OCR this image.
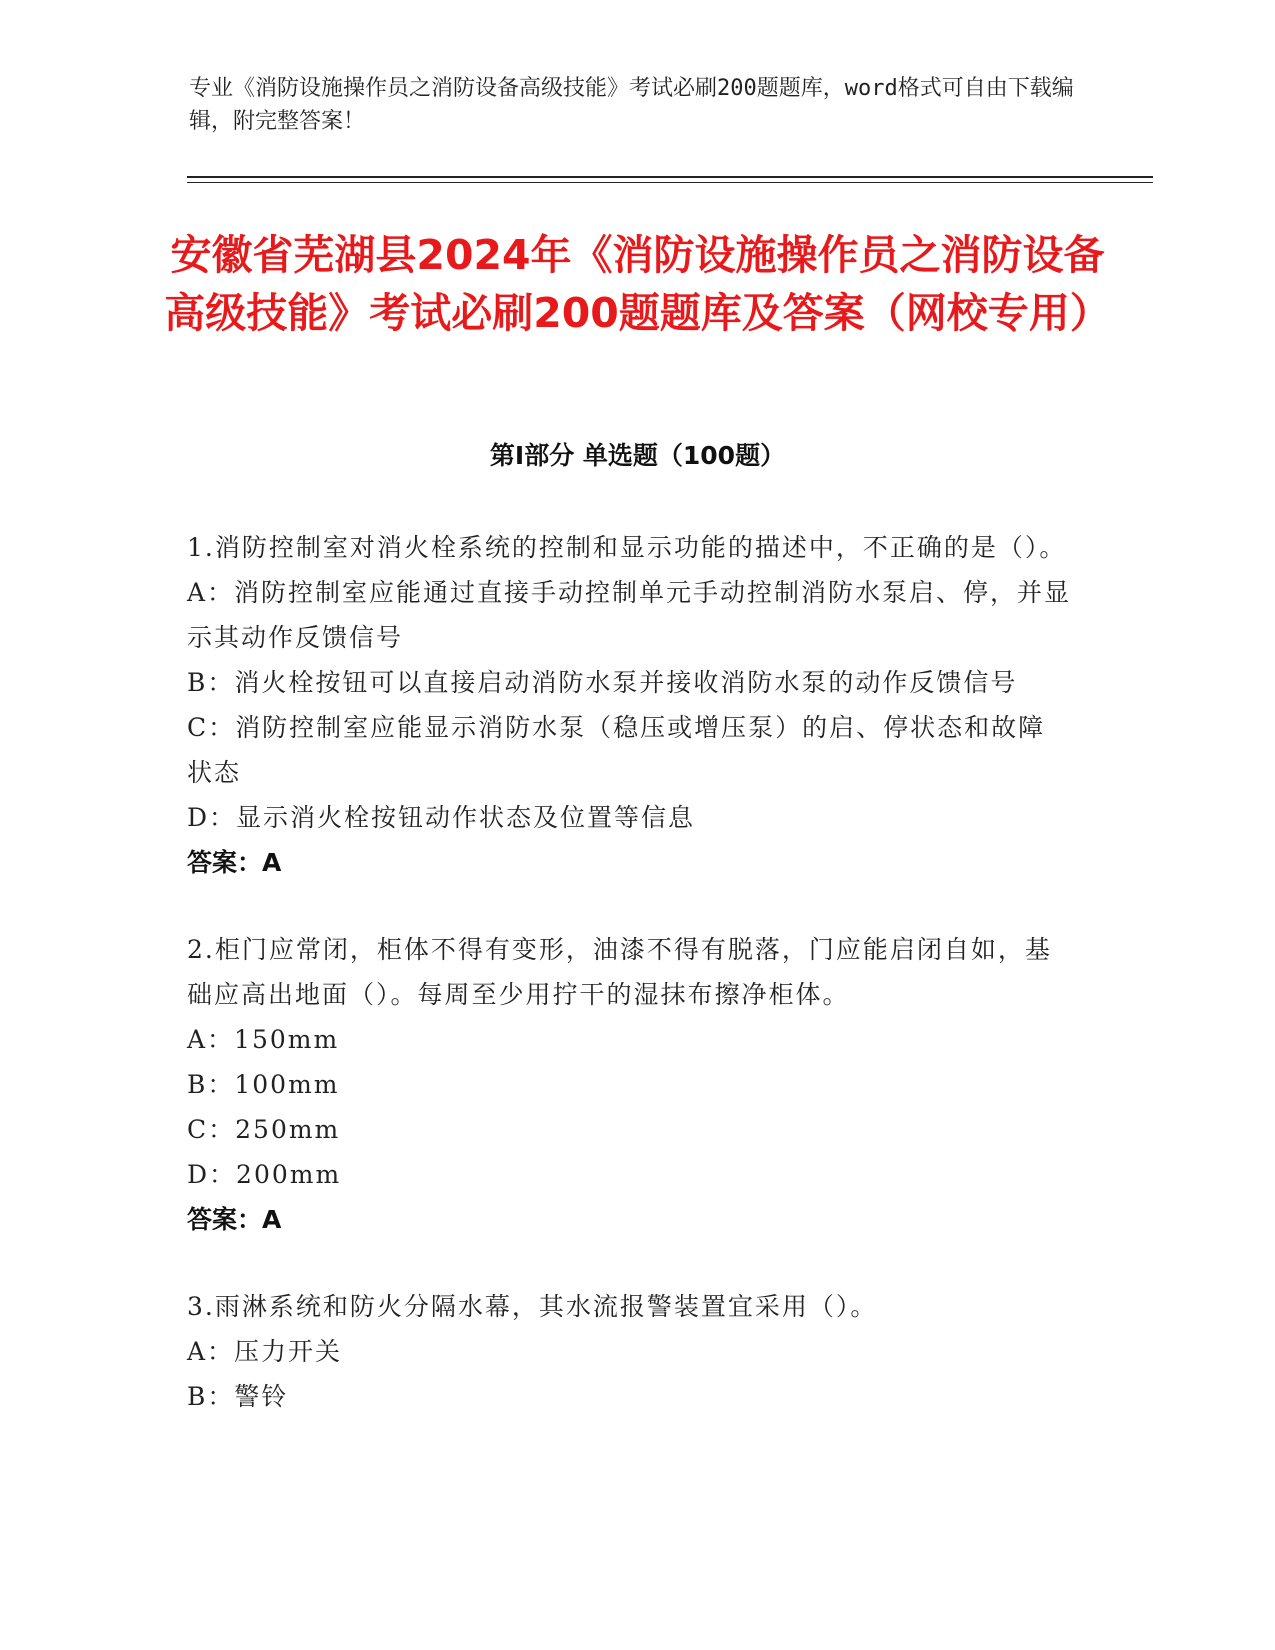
专业《消防设施操作员之消防设备高级技能》考试必刷200题题库，word格式可自由下载编辑，附完整答案！
安徽省芜湖县2024年《消防设施操作员之消防设备高级技能》考试必刷200题题库及答案（网校专用）
第I部分 单选题（100题）

1.消防控制室对消火栓系统的控制和显示功能的描述中，不正确的是（）。

A：消防控制室应能通过直接手动控制单元手动控制消防水泵启、停，并显示其动作反馈信号

B：消火栓按钮可以直接启动消防水泵并接收消防水泵的动作反馈信号

C：消防控制室应能显示消防水泵（稳压或增压泵）的启、停状态和故障状态

D：显示消火栓按钮动作状态及位置等信息

答案：A

2.柜门应常闭，柜体不得有变形，油漆不得有脱落，门应能启闭自如，基础应高出地面（）。每周至少用拧干的湿抹布擦净柜体。

A：150mm

B：100mm

C：250mm

D：200mm

答案：A

3.雨淋系统和防火分隔水幕，其水流报警装置宜采用（）。

A：压力开关

B：警铃
